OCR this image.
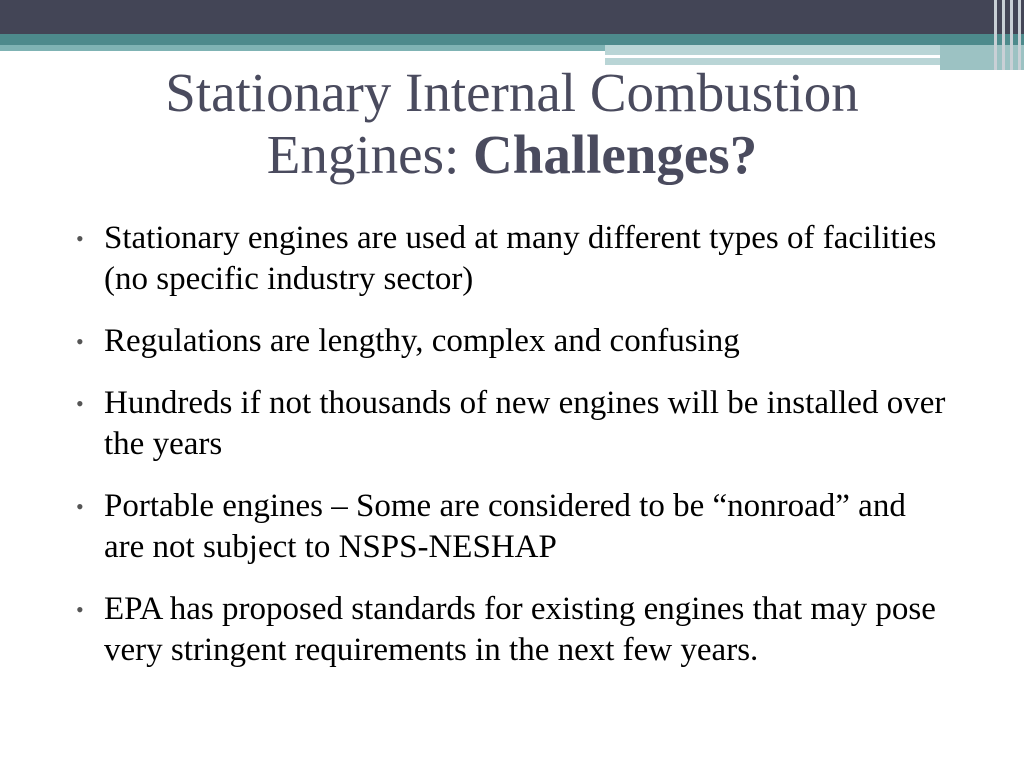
Stationary Internal Combustion
Engines: Challenges?
• Stationary engines are used at many different types of facilities (no specific industry sector)
• Regulations are lengthy, complex and confusing
• Hundreds if not thousands of new engines will be installed over the years
• Portable engines – Some are considered to be “nonroad” and are not subject to NSPS-NESHAP
• EPA has proposed standards for existing engines that may pose very stringent requirements in the next few years.
